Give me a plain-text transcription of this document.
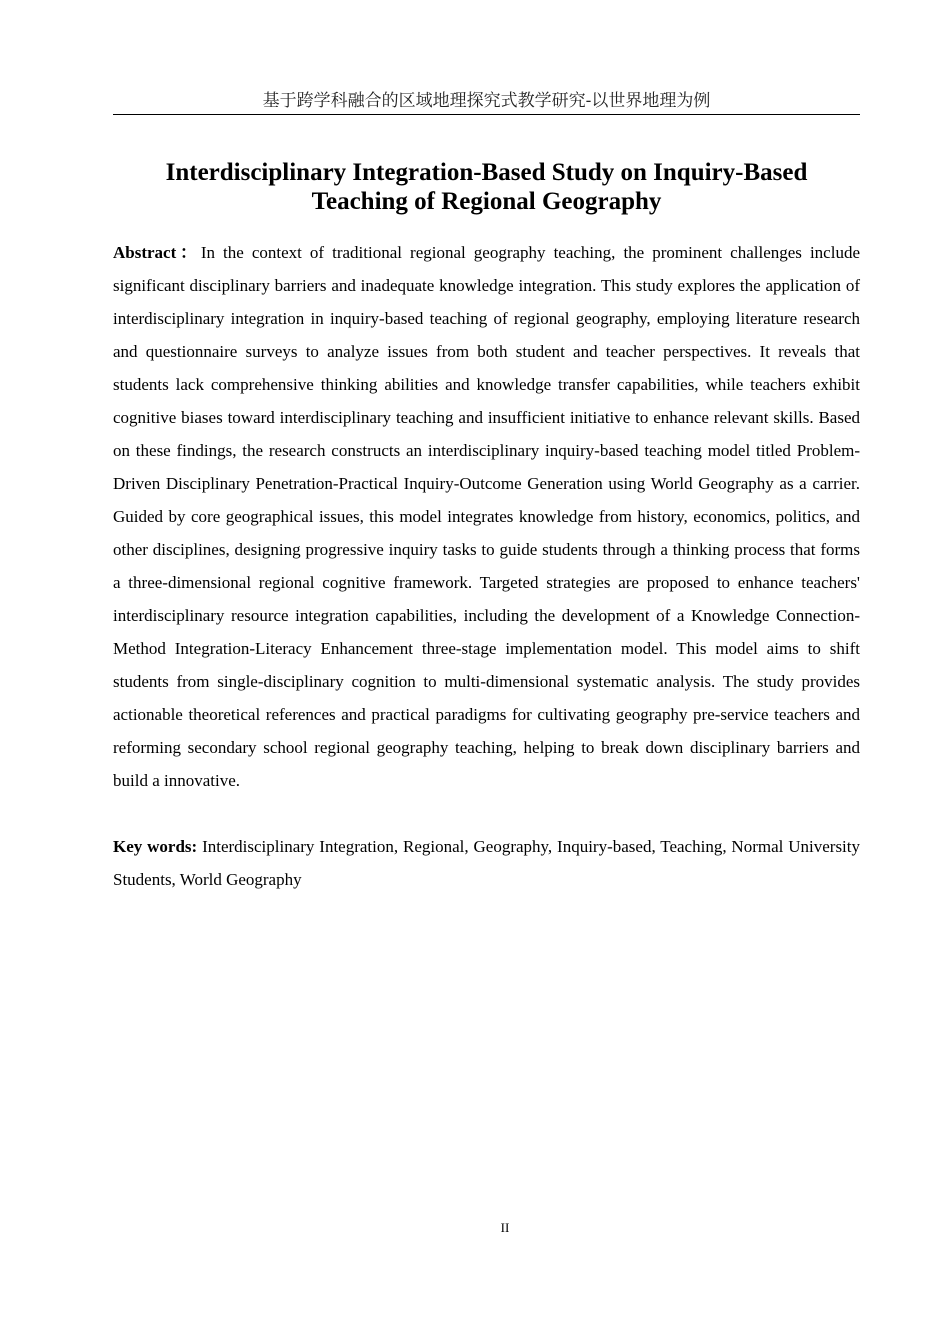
基于跨学科融合的区域地理探究式教学研究-以世界地理为例
Interdisciplinary Integration-Based Study on Inquiry-Based
Teaching of Regional Geography

Abstract：In the context of traditional regional geography teaching, the prominent challenges include significant disciplinary barriers and inadequate knowledge integration. This study explores the application of interdisciplinary integration in inquiry-based teaching of regional geography, employing literature research and questionnaire surveys to analyze issues from both student and teacher perspectives. It reveals that students lack comprehensive thinking abilities and knowledge transfer capabilities, while teachers exhibit cognitive biases toward interdisciplinary teaching and insufficient initiative to enhance relevant skills. Based on these findings, the research constructs an interdisciplinary inquiry-based teaching model titled Problem-Driven Disciplinary Penetration-Practical Inquiry-Outcome Generation using World Geography as a carrier. Guided by core geographical issues, this model integrates knowledge from history, economics, politics, and other disciplines, designing progressive inquiry tasks to guide students through a thinking process that forms a three-dimensional regional cognitive framework. Targeted strategies are proposed to enhance teachers' interdisciplinary resource integration capabilities, including the development of a Knowledge Connection-Method Integration-Literacy Enhancement three-stage implementation model. This model aims to shift students from single-disciplinary cognition to multi-dimensional systematic analysis. The study provides actionable theoretical references and practical paradigms for cultivating geography pre-service teachers and reforming secondary school regional geography teaching, helping to break down disciplinary barriers and build a innovative.

Key words: Interdisciplinary Integration, Regional, Geography, Inquiry-based, Teaching, Normal University Students, World Geography

II
